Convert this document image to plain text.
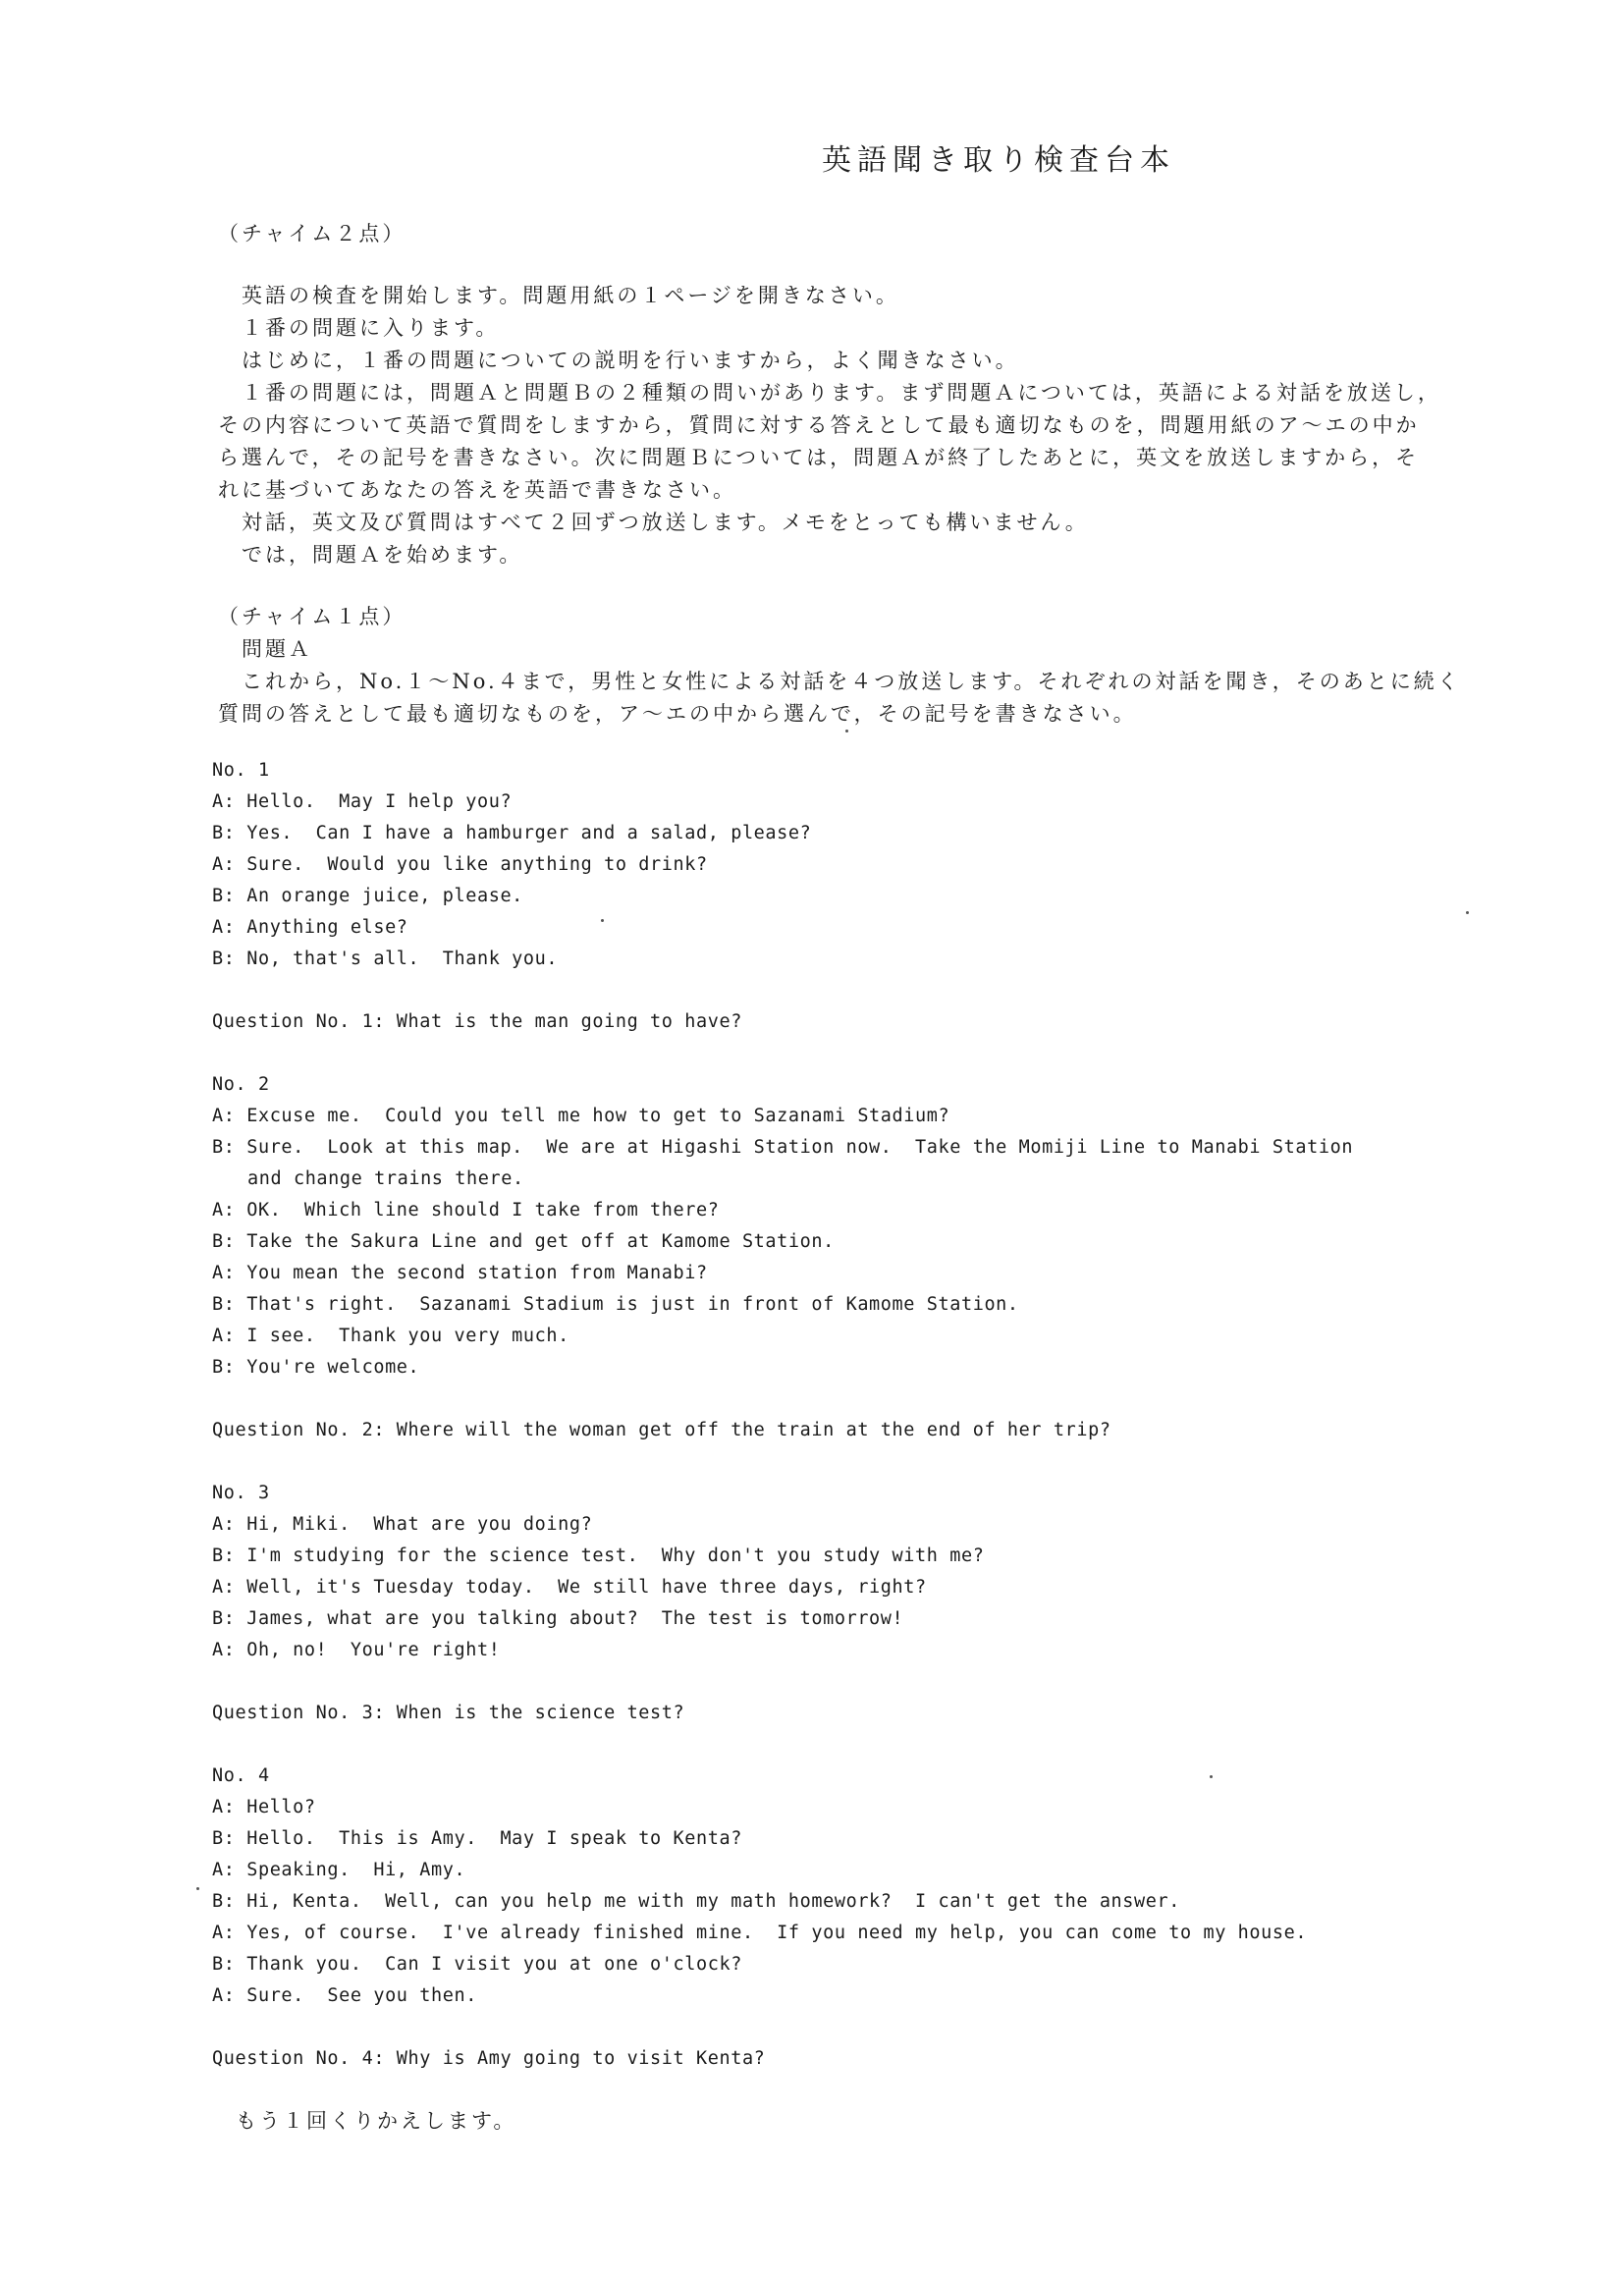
英語聞き取り検査台本
（チャイム２点）
英語の検査を開始します。問題用紙の１ページを開きなさい。
１番の問題に入ります。
はじめに，１番の問題についての説明を行いますから，よく聞きなさい。
１番の問題には，問題Ａと問題Ｂの２種類の問いがあります。まず問題Ａについては，英語による対話を放送し，
その内容について英語で質問をしますから，質問に対する答えとして最も適切なものを，問題用紙のア～エの中か
ら選んで，その記号を書きなさい。次に問題Ｂについては，問題Ａが終了したあとに，英文を放送しますから，そ
れに基づいてあなたの答えを英語で書きなさい。
対話，英文及び質問はすべて２回ずつ放送します。メモをとっても構いません。
では，問題Ａを始めます。
（チャイム１点）
問題Ａ
これから，No.１～No.４まで，男性と女性による対話を４つ放送します。それぞれの対話を聞き，そのあとに続く
質問の答えとして最も適切なものを，ア～エの中から選んで，その記号を書きなさい。
No. 1
A: Hello.  May I help you?
B: Yes.  Can I have a hamburger and a salad, please?
A: Sure.  Would you like anything to drink?
B: An orange juice, please.
A: Anything else?
B: No, that's all.  Thank you.
Question No. 1: What is the man going to have?
No. 2
A: Excuse me.  Could you tell me how to get to Sazanami Stadium?
B: Sure.  Look at this map.  We are at Higashi Station now.  Take the Momiji Line to Manabi Station
and change trains there.
A: OK.  Which line should I take from there?
B: Take the Sakura Line and get off at Kamome Station.
A: You mean the second station from Manabi?
B: That's right.  Sazanami Stadium is just in front of Kamome Station.
A: I see.  Thank you very much.
B: You're welcome.
Question No. 2: Where will the woman get off the train at the end of her trip?
No. 3
A: Hi, Miki.  What are you doing?
B: I'm studying for the science test.  Why don't you study with me?
A: Well, it's Tuesday today.  We still have three days, right?
B: James, what are you talking about?  The test is tomorrow!
A: Oh, no!  You're right!
Question No. 3: When is the science test?
No. 4
A: Hello?
B: Hello.  This is Amy.  May I speak to Kenta?
A: Speaking.  Hi, Amy.
B: Hi, Kenta.  Well, can you help me with my math homework?  I can't get the answer.
A: Yes, of course.  I've already finished mine.  If you need my help, you can come to my house.
B: Thank you.  Can I visit you at one o'clock?
A: Sure.  See you then.
Question No. 4: Why is Amy going to visit Kenta?
もう１回くりかえします。
